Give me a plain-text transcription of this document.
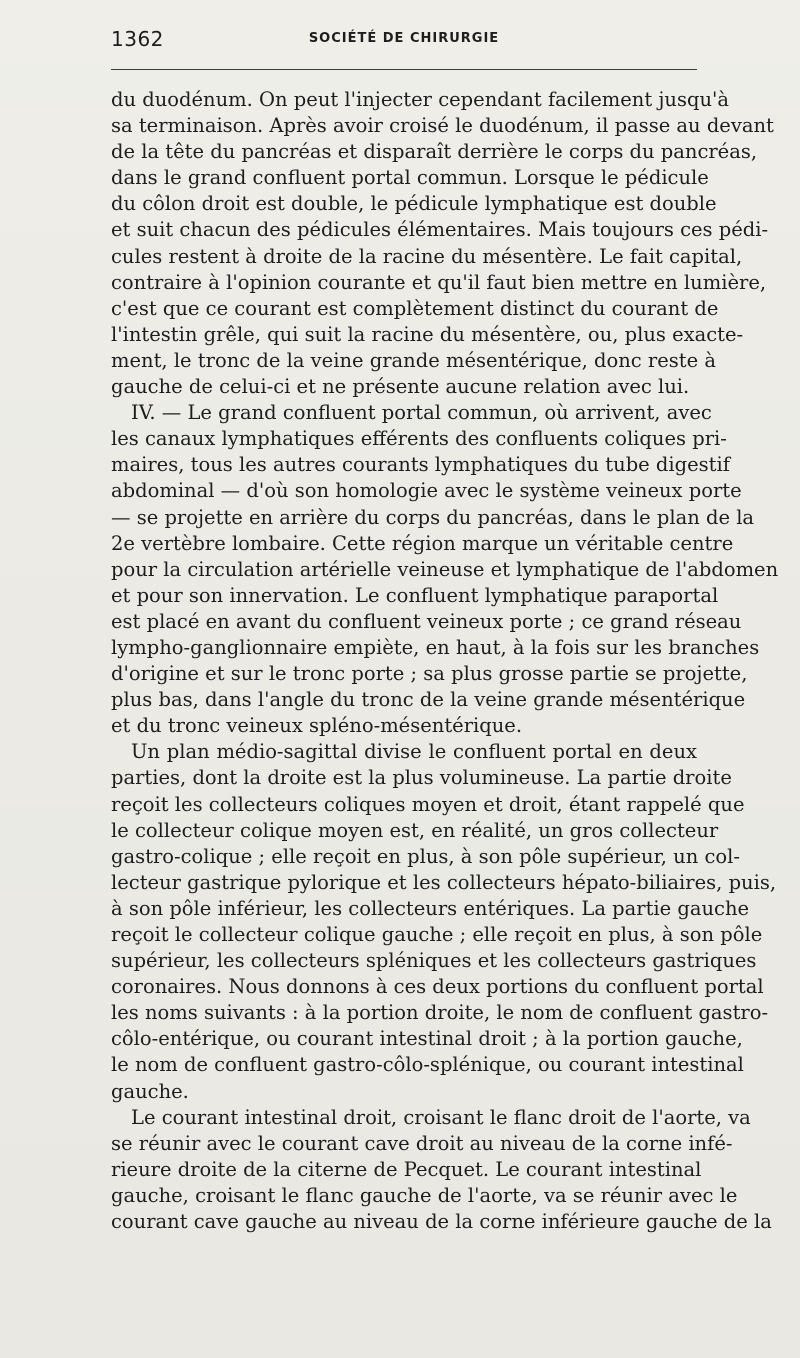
1362	SOCIÉTÉ DE CHIRURGIE
du duodénum. On peut l'injecter cependant facilement jusqu'à
sa terminaison. Après avoir croisé le duodénum, il passe au devant
de la tête du pancréas et disparaît derrière le corps du pancréas,
dans le grand confluent portal commun. Lorsque le pédicule
du côlon droit est double, le pédicule lymphatique est double
et suit chacun des pédicules élémentaires. Mais toujours ces pédi-
cules restent à droite de la racine du mésentère. Le fait capital,
contraire à l'opinion courante et qu'il faut bien mettre en lumière,
c'est que ce courant est complètement distinct du courant de
l'intestin grêle, qui suit la racine du mésentère, ou, plus exacte-
ment, le tronc de la veine grande mésentérique, donc reste à
gauche de celui-ci et ne présente aucune relation avec lui.
IV. — Le grand confluent portal commun, où arrivent, avec
les canaux lymphatiques efférents des confluents coliques pri-
maires, tous les autres courants lymphatiques du tube digestif
abdominal — d'où son homologie avec le système veineux porte
— se projette en arrière du corps du pancréas, dans le plan de la
2e vertèbre lombaire. Cette région marque un véritable centre
pour la circulation artérielle veineuse et lymphatique de l'abdomen
et pour son innervation. Le confluent lymphatique paraportal
est placé en avant du confluent veineux porte ; ce grand réseau
lympho-ganglionnaire empiète, en haut, à la fois sur les branches
d'origine et sur le tronc porte ; sa plus grosse partie se projette,
plus bas, dans l'angle du tronc de la veine grande mésentérique
et du tronc veineux spléno-mésentérique.
Un plan médio-sagittal divise le confluent portal en deux
parties, dont la droite est la plus volumineuse. La partie droite
reçoit les collecteurs coliques moyen et droit, étant rappelé que
le collecteur colique moyen est, en réalité, un gros collecteur
gastro-colique ; elle reçoit en plus, à son pôle supérieur, un col-
lecteur gastrique pylorique et les collecteurs hépato-biliaires, puis,
à son pôle inférieur, les collecteurs entériques. La partie gauche
reçoit le collecteur colique gauche ; elle reçoit en plus, à son pôle
supérieur, les collecteurs spléniques et les collecteurs gastriques
coronaires. Nous donnons à ces deux portions du confluent portal
les noms suivants : à la portion droite, le nom de confluent gastro-
côlo-entérique, ou courant intestinal droit ; à la portion gauche,
le nom de confluent gastro-côlo-splénique, ou courant intestinal
gauche.
Le courant intestinal droit, croisant le flanc droit de l'aorte, va
se réunir avec le courant cave droit au niveau de la corne infé-
rieure droite de la citerne de Pecquet. Le courant intestinal
gauche, croisant le flanc gauche de l'aorte, va se réunir avec le
courant cave gauche au niveau de la corne inférieure gauche de la
